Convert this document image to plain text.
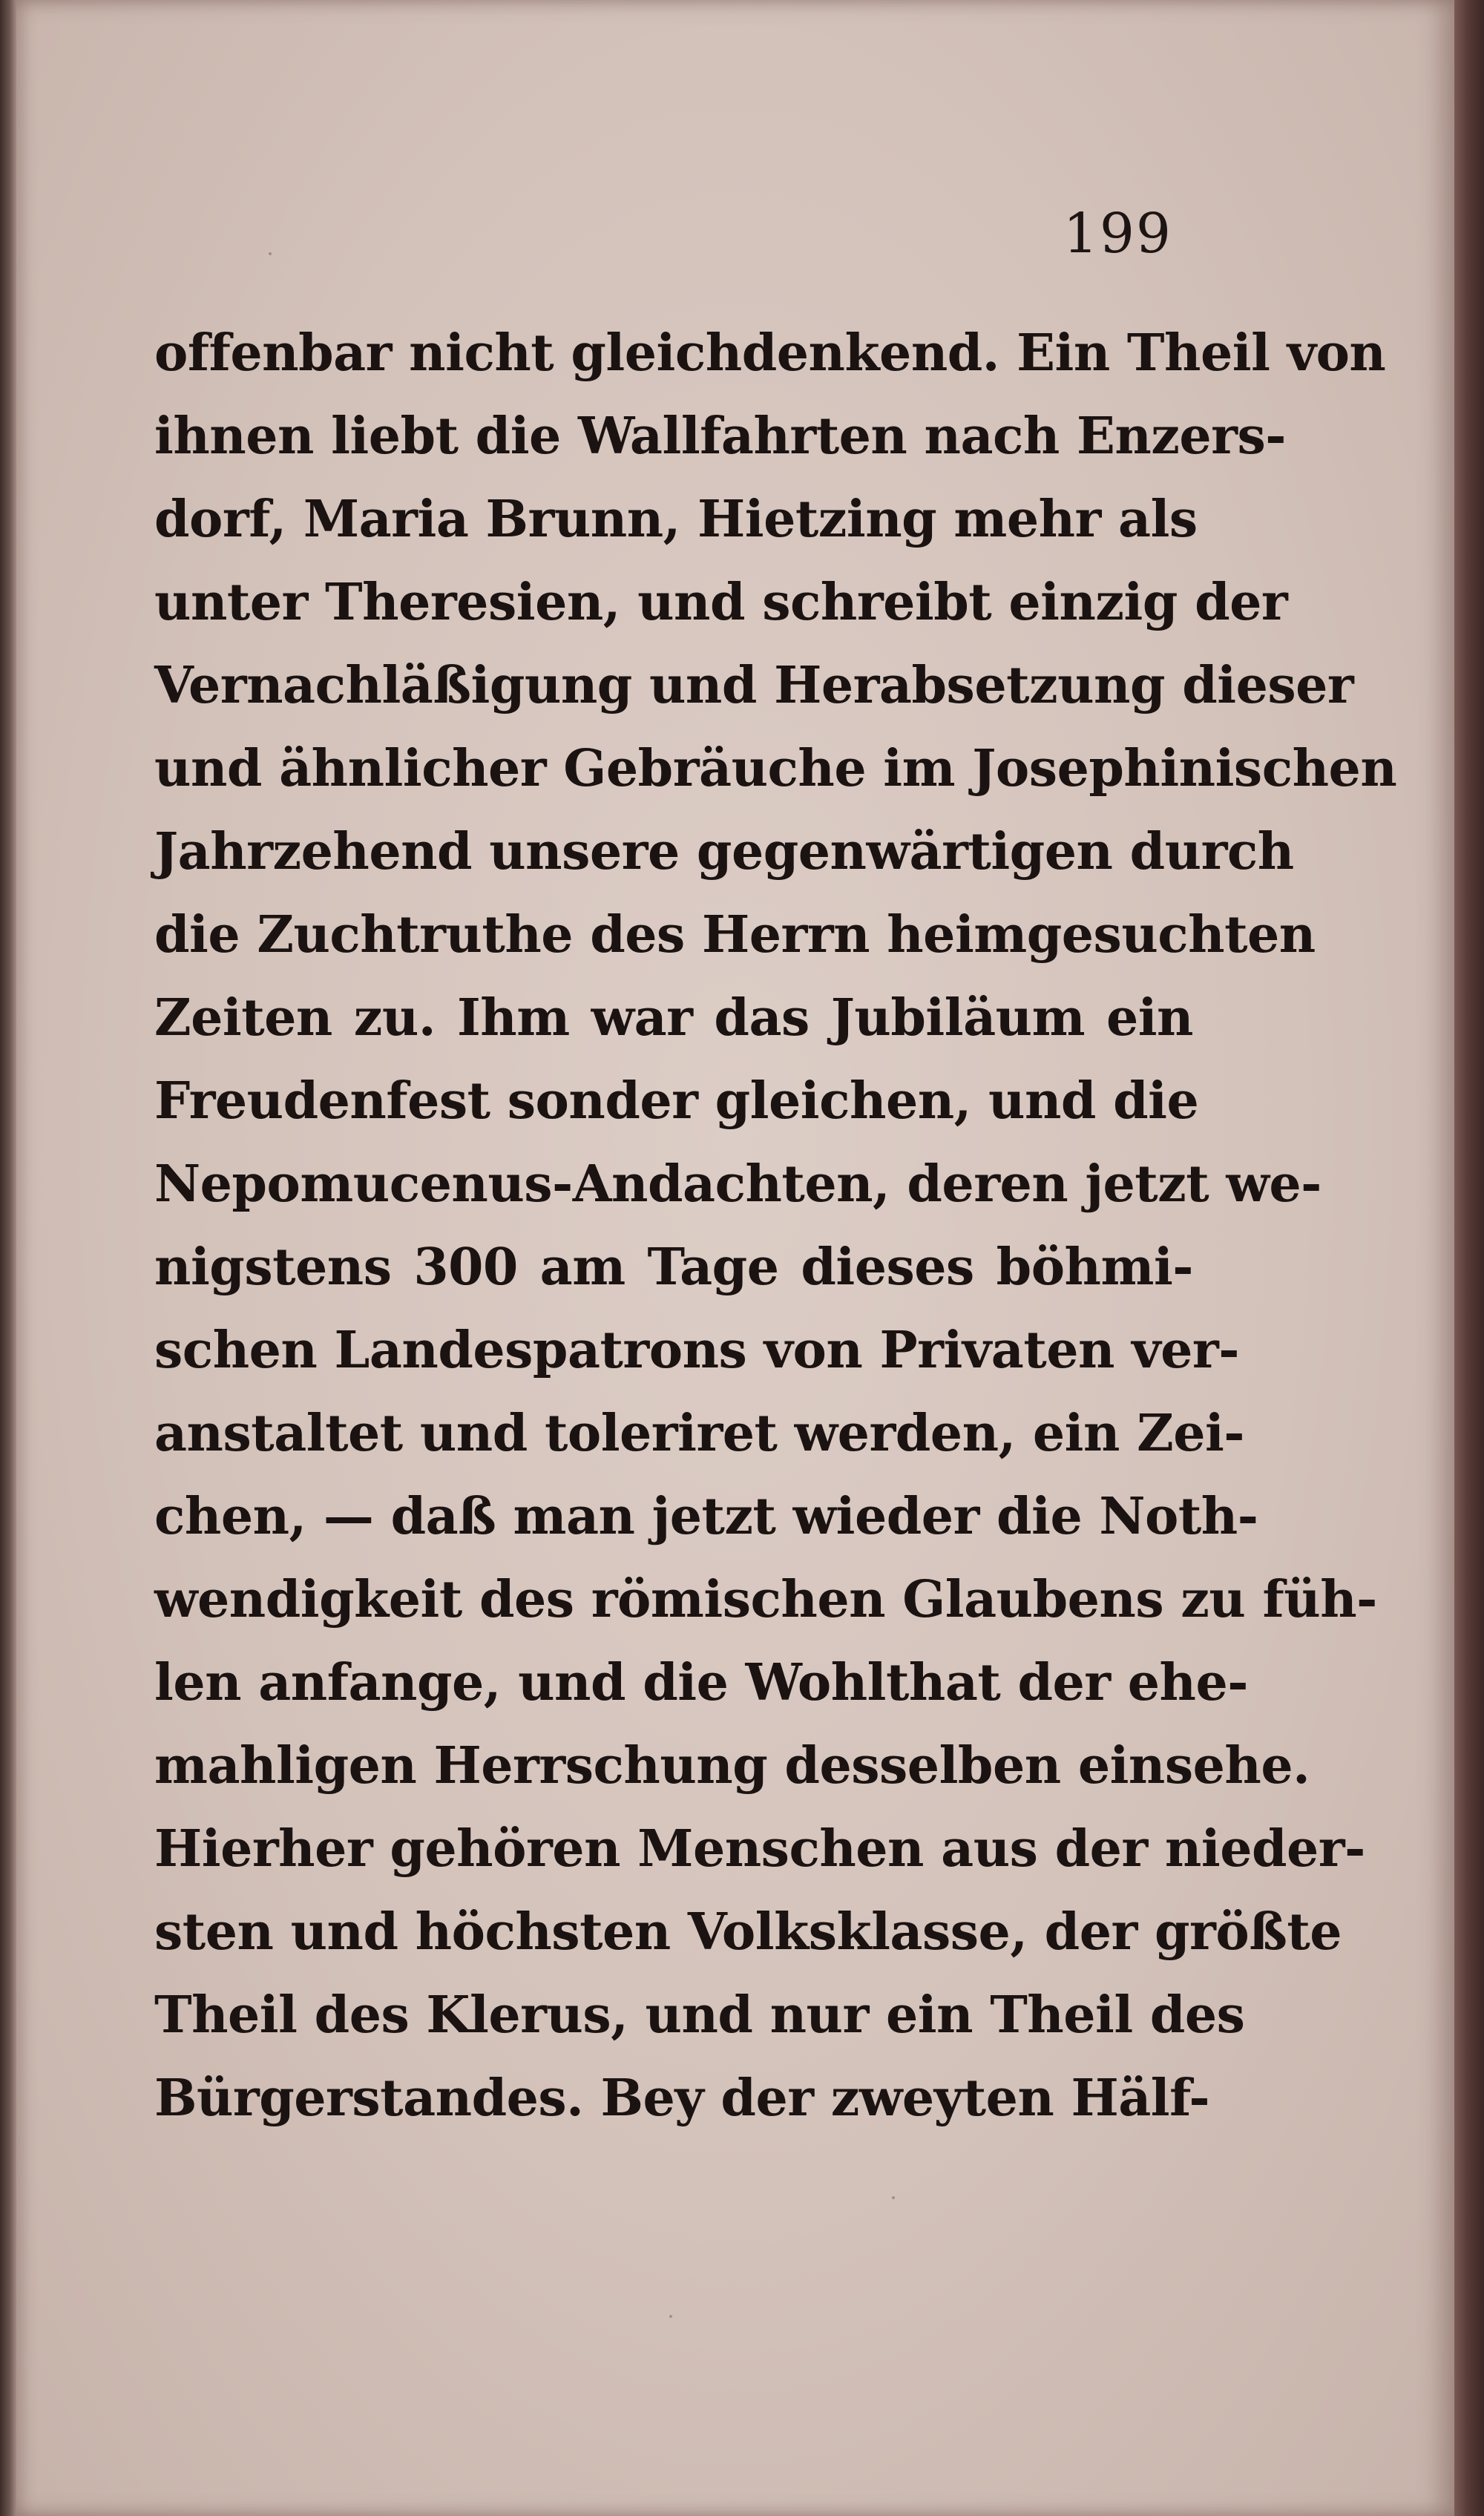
199
offenbar nicht gleichdenkend. Ein Theil von
ihnen liebt die Wallfahrten nach Enzers-
dorf, Maria Brunn, Hietzing mehr als
unter Theresien, und schreibt einzig der
Vernachläßigung und Herabsetzung dieser
und ähnlicher Gebräuche im Josephinischen
Jahrzehend unsere gegenwärtigen durch
die Zuchtruthe des Herrn heimgesuchten
Zeiten zu. Ihm war das Jubiläum ein
Freudenfest sonder gleichen, und die
Nepomucenus-Andachten, deren jetzt we-
nigstens 300 am Tage dieses böhmi-
schen Landespatrons von Privaten ver-
anstaltet und toleriret werden, ein Zei-
chen, — daß man jetzt wieder die Noth-
wendigkeit des römischen Glaubens zu füh-
len anfange, und die Wohlthat der ehe-
mahligen Herrschung desselben einsehe.
Hierher gehören Menschen aus der nieder-
sten und höchsten Volksklasse, der größte
Theil des Klerus, und nur ein Theil des
Bürgerstandes. Bey der zweyten Hälf-
